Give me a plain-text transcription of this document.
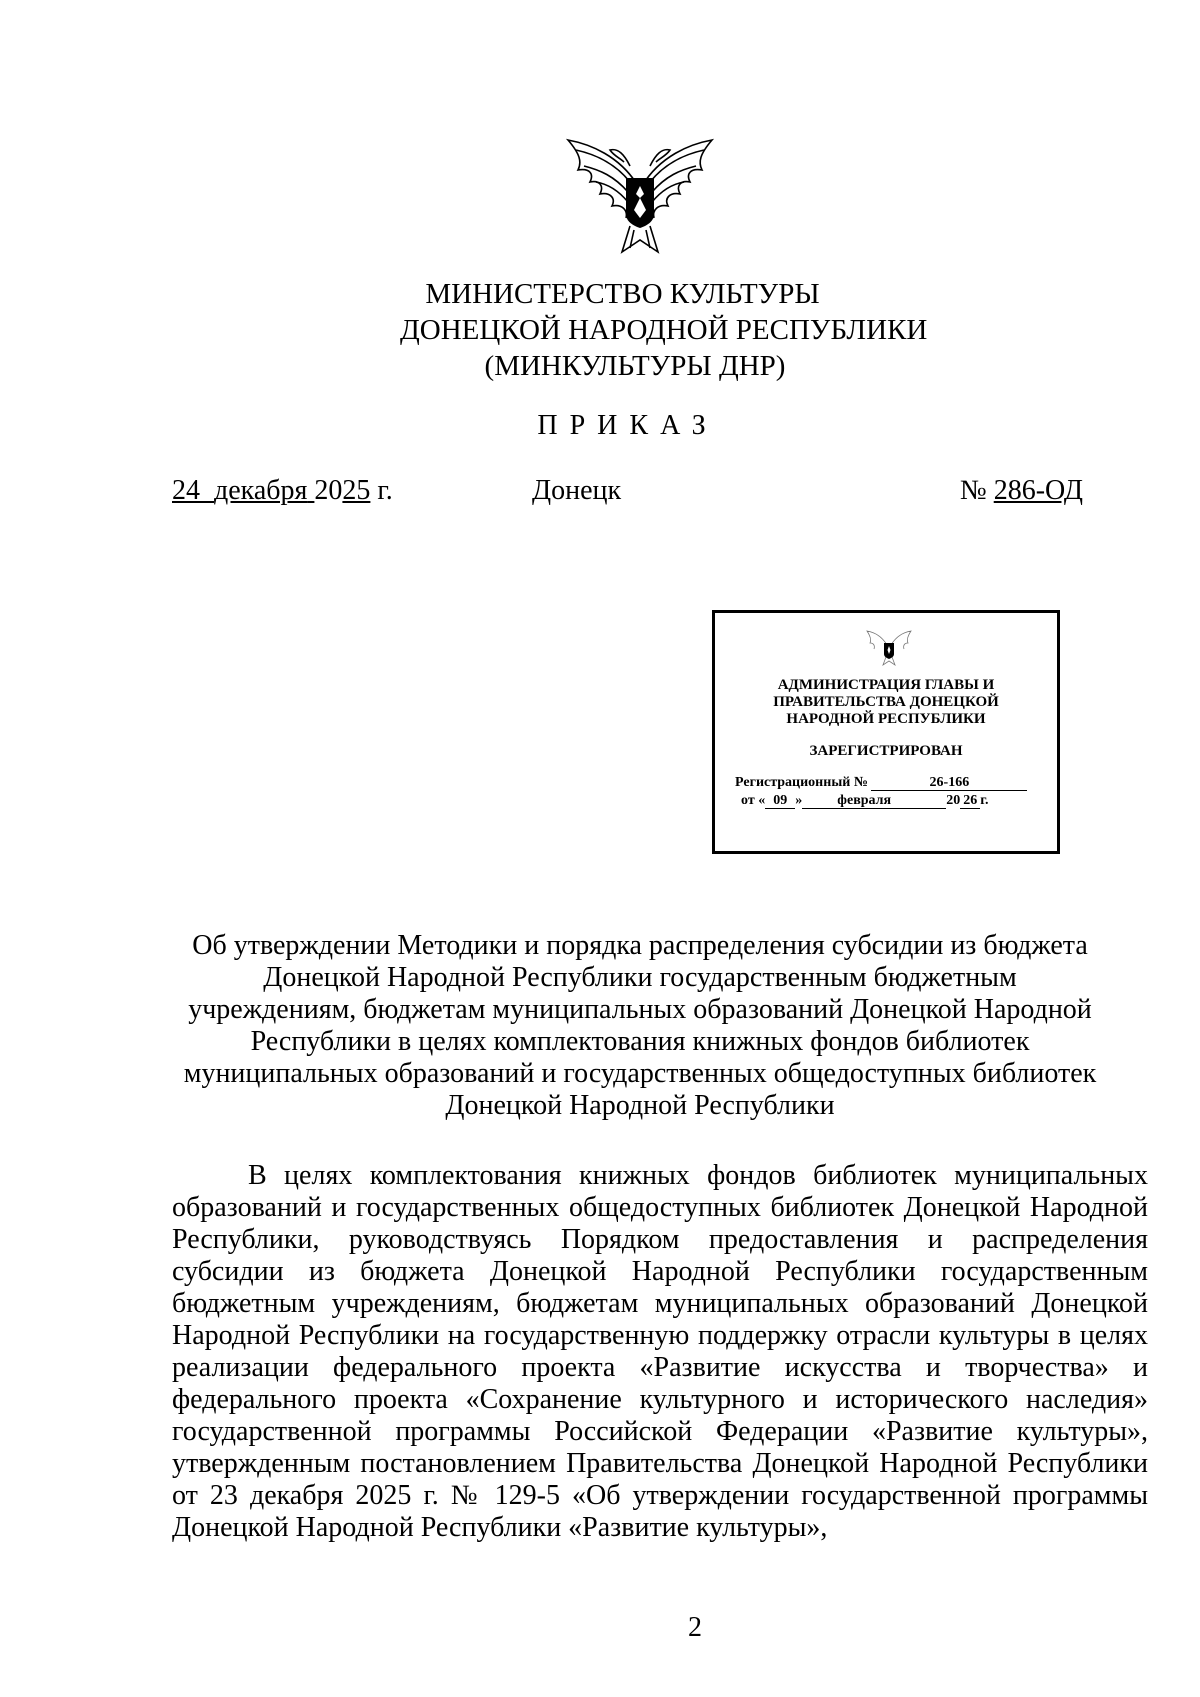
МИНИСТЕРСТВО КУЛЬТУРЫ
ДОНЕЦКОЙ НАРОДНОЙ РЕСПУБЛИКИ
(МИНКУЛЬТУРЫ ДНР)
ПРИКАЗ
24 декабря 2025 г.	Донецк	№ 286-ОД
АДМИНИСТРАЦИЯ ГЛАВЫ И
ПРАВИТЕЛЬСТВА ДОНЕЦКОЙ
НАРОДНОЙ РЕСПУБЛИКИ
ЗАРЕГИСТРИРОВАН
Регистрационный №	26-166
от « 09 »	февраля	20 26 г.
Об утверждении Методики и порядка распределения субсидии из бюджета
Донецкой Народной Республики государственным бюджетным
учреждениям, бюджетам муниципальных образований Донецкой Народной
Республики в целях комплектования книжных фондов библиотек
муниципальных образований и государственных общедоступных библиотек
Донецкой Народной Республики
В целях комплектования книжных фондов библиотек муниципальных образований и государственных общедоступных библиотек Донецкой Народной Республики, руководствуясь Порядком предоставления и распределения субсидии из бюджета Донецкой Народной Республики государственным бюджетным учреждениям, бюджетам муниципальных образований Донецкой Народной Республики на государственную поддержку отрасли культуры в целях реализации федерального проекта «Развитие искусства и творчества» и федерального проекта «Сохранение культурного и исторического наследия» государственной программы Российской Федерации «Развитие культуры», утвержденным постановлением Правительства Донецкой Народной Республики от 23 декабря 2025 г. № 129-5 «Об утверждении государственной программы Донецкой Народной Республики «Развитие культуры»,
2
